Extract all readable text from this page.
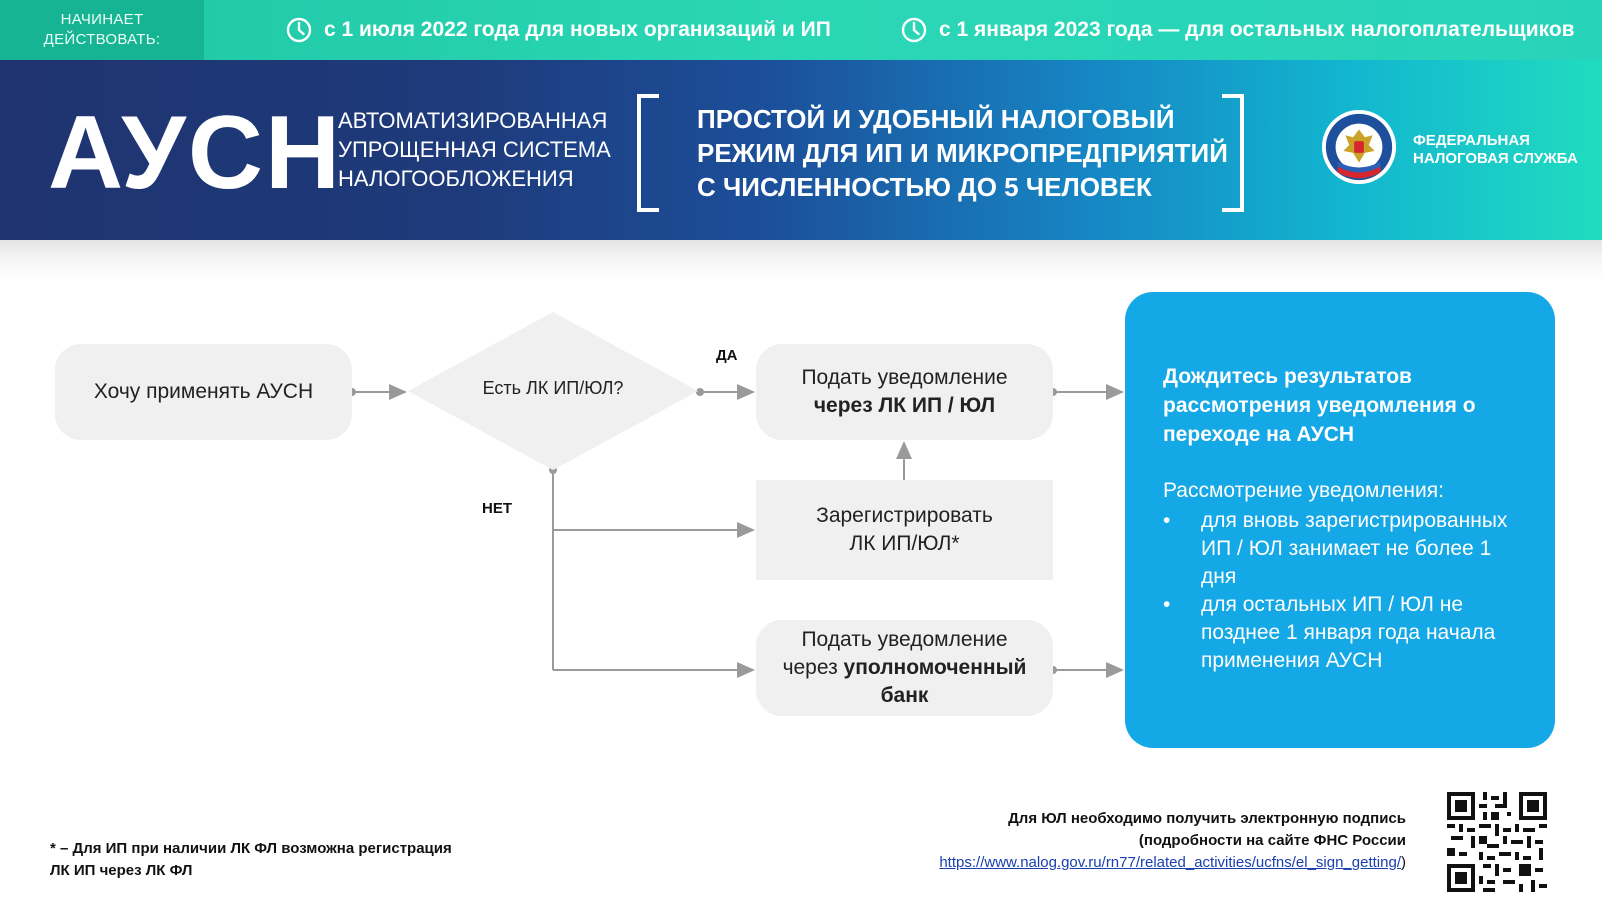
НАЧИНАЕТ
ДЕЙСТВОВАТЬ:	с 1 июля 2022 года для новых организаций и ИП	с 1 января 2023 года — для остальных налогоплательщиков
АУСН
АВТОМАТИЗИРОВАННАЯ
УПРОЩЕННАЯ СИСТЕМА
НАЛОГООБЛОЖЕНИЯ
ПРОСТОЙ И УДОБНЫЙ НАЛОГОВЫЙ
РЕЖИМ ДЛЯ ИП И МИКРОПРЕДПРИЯТИЙ
С ЧИСЛЕННОСТЬЮ ДО 5 ЧЕЛОВЕК
ФЕДЕРАЛЬНАЯ
НАЛОГОВАЯ СЛУЖБА
Хочу применять АУСН	Есть ЛК ИП/ЮЛ?
ДА
НЕТ
Подать уведомление
через ЛК ИП / ЮЛ
Зарегистрировать
ЛК ИП/ЮЛ*
Подать уведомление
через уполномоченный
банк
Дождитесь результатов рассмотрения уведомления о переходе на АУСН
Рассмотрение уведомления:
• для вновь зарегистрированных ИП / ЮЛ занимает не более 1 дня
• для остальных ИП / ЮЛ не позднее 1 января года начала применения АУСН
* – Для ИП при наличии ЛК ФЛ возможна регистрация
ЛК ИП через ЛК ФЛ
Для ЮЛ необходимо получить электронную подпись
(подробности на сайте ФНС России
https://www.nalog.gov.ru/rn77/related_activities/ucfns/el_sign_getting/)
